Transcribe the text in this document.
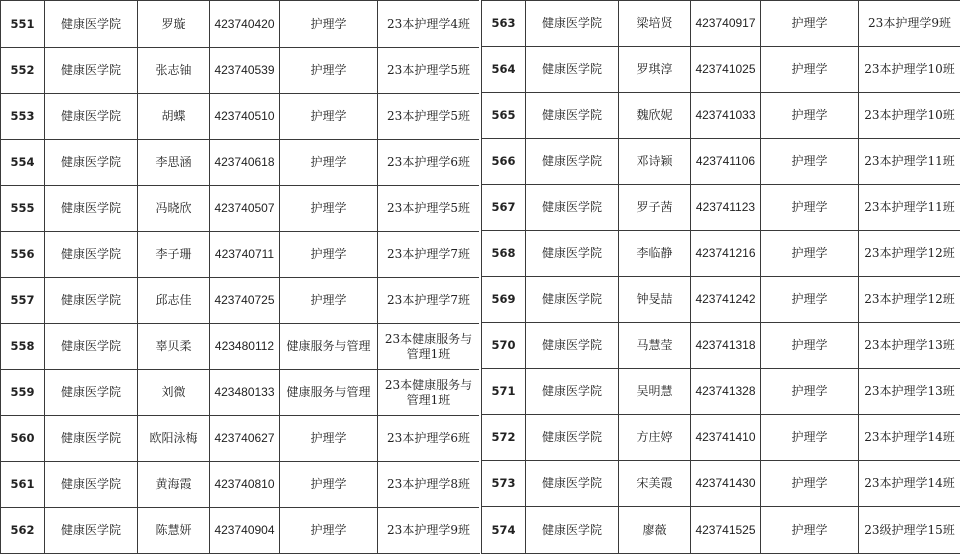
551	健康医学院	罗璇	423740420	护理学	23本护理学4班
552	健康医学院	张志铀	423740539	护理学	23本护理学5班
553	健康医学院	胡蝶	423740510	护理学	23本护理学5班
554	健康医学院	李思涵	423740618	护理学	23本护理学6班
555	健康医学院	冯晓欣	423740507	护理学	23本护理学5班
556	健康医学院	李子珊	423740711	护理学	23本护理学7班
557	健康医学院	邱志佳	423740725	护理学	23本护理学7班
558	健康医学院	辜贝柔	423480112	健康服务与管理	23本健康服务与管理1班
559	健康医学院	刘微	423480133	健康服务与管理	23本健康服务与管理1班
560	健康医学院	欧阳泳梅	423740627	护理学	23本护理学6班
561	健康医学院	黄海霞	423740810	护理学	23本护理学8班
562	健康医学院	陈慧妍	423740904	护理学	23本护理学9班
563	健康医学院	梁培贤	423740917	护理学	23本护理学9班
564	健康医学院	罗琪淳	423741025	护理学	23本护理学10班
565	健康医学院	魏欣妮	423741033	护理学	23本护理学10班
566	健康医学院	邓诗颖	423741106	护理学	23本护理学11班
567	健康医学院	罗子茜	423741123	护理学	23本护理学11班
568	健康医学院	李临静	423741216	护理学	23本护理学12班
569	健康医学院	钟旻喆	423741242	护理学	23本护理学12班
570	健康医学院	马慧莹	423741318	护理学	23本护理学13班
571	健康医学院	吴明慧	423741328	护理学	23本护理学13班
572	健康医学院	方庄婷	423741410	护理学	23本护理学14班
573	健康医学院	宋美霞	423741430	护理学	23本护理学14班
574	健康医学院	廖薇	423741525	护理学	23级护理学15班
